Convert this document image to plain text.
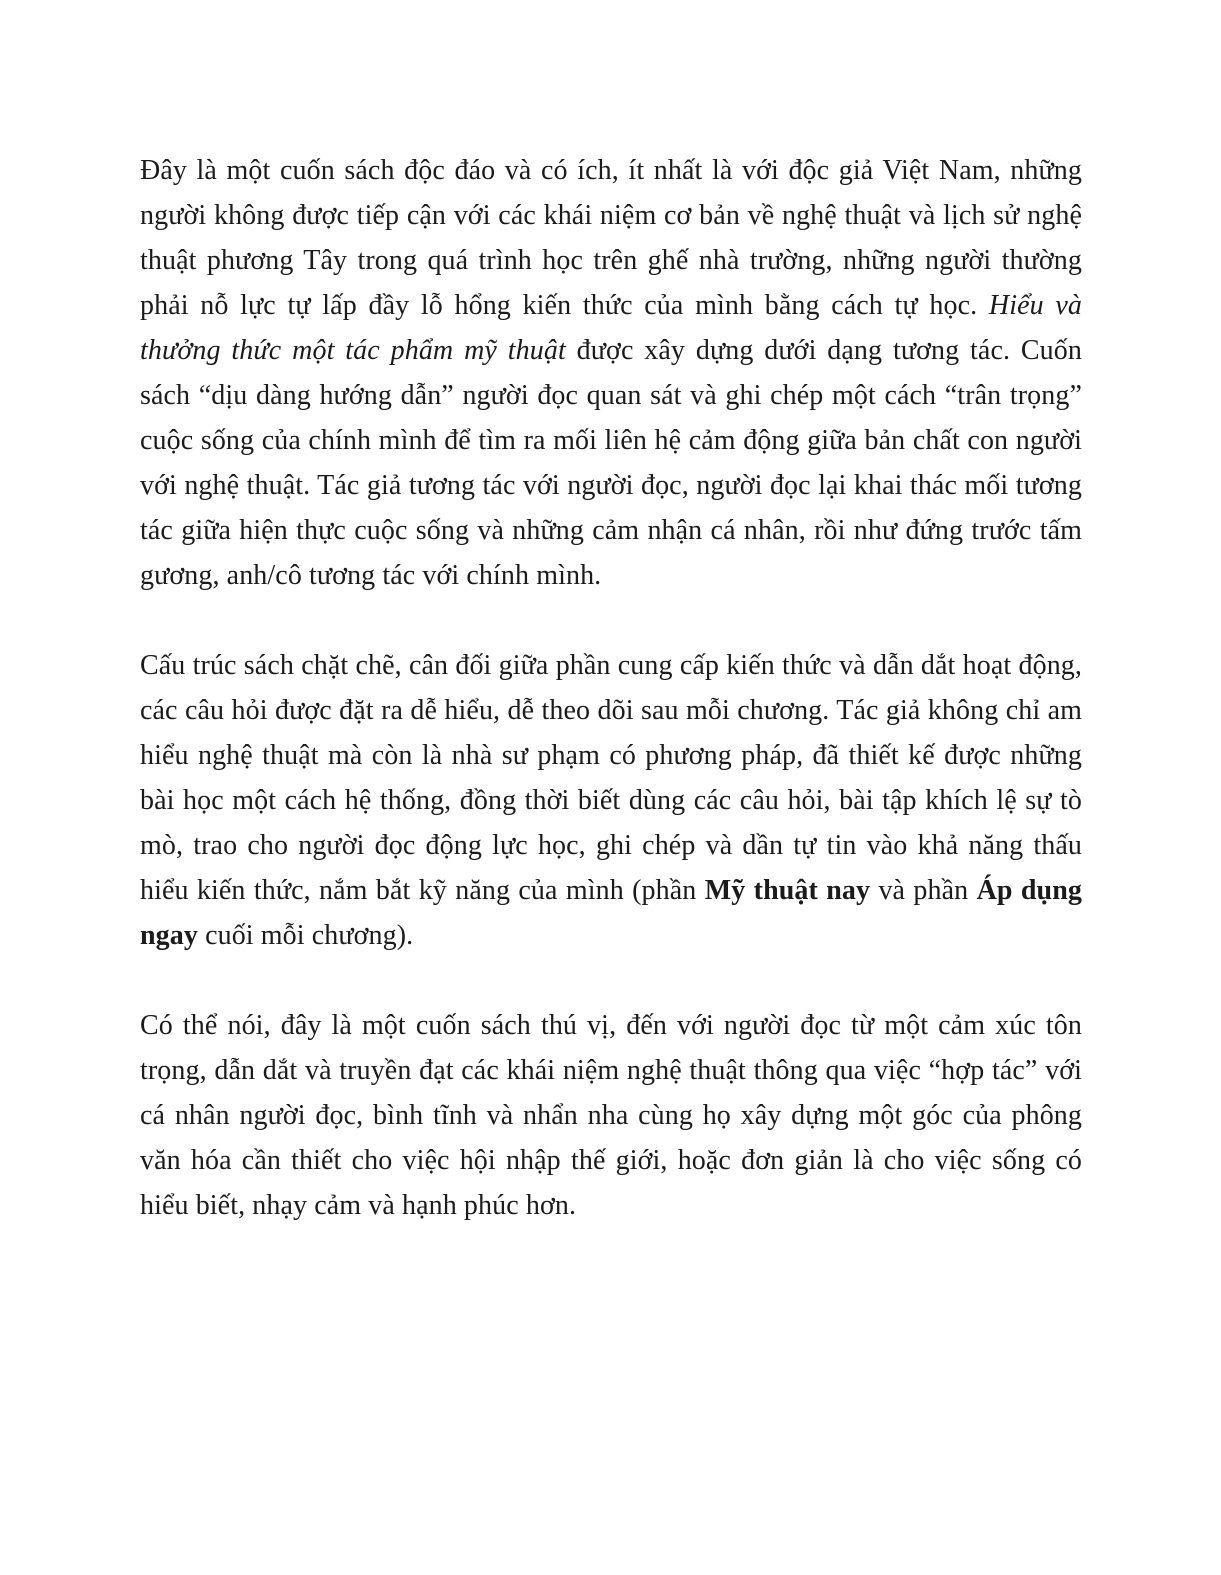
Đây là một cuốn sách độc đáo và có ích, ít nhất là với độc giả Việt Nam, những người không được tiếp cận với các khái niệm cơ bản về nghệ thuật và lịch sử nghệ thuật phương Tây trong quá trình học trên ghế nhà trường, những người thường phải nỗ lực tự lấp đầy lỗ hổng kiến thức của mình bằng cách tự học. Hiểu và thưởng thức một tác phẩm mỹ thuật được xây dựng dưới dạng tương tác. Cuốn sách “dịu dàng hướng dẫn” người đọc quan sát và ghi chép một cách “trân trọng” cuộc sống của chính mình để tìm ra mối liên hệ cảm động giữa bản chất con người với nghệ thuật. Tác giả tương tác với người đọc, người đọc lại khai thác mối tương tác giữa hiện thực cuộc sống và những cảm nhận cá nhân, rồi như đứng trước tấm gương, anh/cô tương tác với chính mình.

Cấu trúc sách chặt chẽ, cân đối giữa phần cung cấp kiến thức và dẫn dắt hoạt động, các câu hỏi được đặt ra dễ hiểu, dễ theo dõi sau mỗi chương. Tác giả không chỉ am hiểu nghệ thuật mà còn là nhà sư phạm có phương pháp, đã thiết kế được những bài học một cách hệ thống, đồng thời biết dùng các câu hỏi, bài tập khích lệ sự tò mò, trao cho người đọc động lực học, ghi chép và dần tự tin vào khả năng thấu hiểu kiến thức, nắm bắt kỹ năng của mình (phần Mỹ thuật nay và phần Áp dụng ngay cuối mỗi chương).

Có thể nói, đây là một cuốn sách thú vị, đến với người đọc từ một cảm xúc tôn trọng, dẫn dắt và truyền đạt các khái niệm nghệ thuật thông qua việc “hợp tác” với cá nhân người đọc, bình tĩnh và nhẩn nha cùng họ xây dựng một góc của phông văn hóa cần thiết cho việc hội nhập thế giới, hoặc đơn giản là cho việc sống có hiểu biết, nhạy cảm và hạnh phúc hơn.
